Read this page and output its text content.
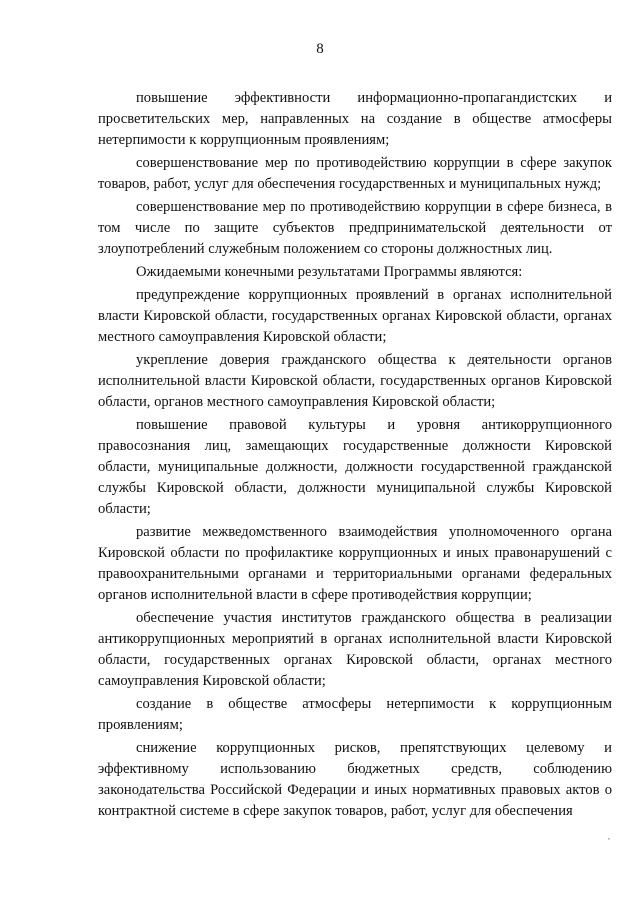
8

повышение эффективности информационно-пропагандистских и просветительских мер, направленных на создание в обществе атмосферы нетерпимости к коррупционным проявлениям;

совершенствование мер по противодействию коррупции в сфере закупок товаров, работ, услуг для обеспечения государственных и муниципальных нужд;

совершенствование мер по противодействию коррупции в сфере бизнеса, в том числе по защите субъектов предпринимательской деятельности от злоупотреблений служебным положением со стороны должностных лиц.

Ожидаемыми конечными результатами Программы являются:

предупреждение коррупционных проявлений в органах исполнительной власти Кировской области, государственных органах Кировской области, органах местного самоуправления Кировской области;

укрепление доверия гражданского общества к деятельности органов исполнительной власти Кировской области, государственных органов Кировской области, органов местного самоуправления Кировской области;

повышение правовой культуры и уровня антикоррупционного правосознания лиц, замещающих государственные должности Кировской области, муниципальные должности, должности государственной гражданской службы Кировской области, должности муниципальной службы Кировской области;

развитие межведомственного взаимодействия уполномоченного органа Кировской области по профилактике коррупционных и иных правонарушений с правоохранительными органами и территориальными органами федеральных органов исполнительной власти в сфере противодействия коррупции;

обеспечение участия институтов гражданского общества в реализации антикоррупционных мероприятий в органах исполнительной власти Кировской области, государственных органах Кировской области, органах местного самоуправления Кировской области;

создание в обществе атмосферы нетерпимости к коррупционным проявлениям;

снижение коррупционных рисков, препятствующих целевому и эффективному использованию бюджетных средств, соблюдению законодательства Российской Федерации и иных нормативных правовых актов о контрактной системе в сфере закупок товаров, работ, услуг для обеспечения

,
